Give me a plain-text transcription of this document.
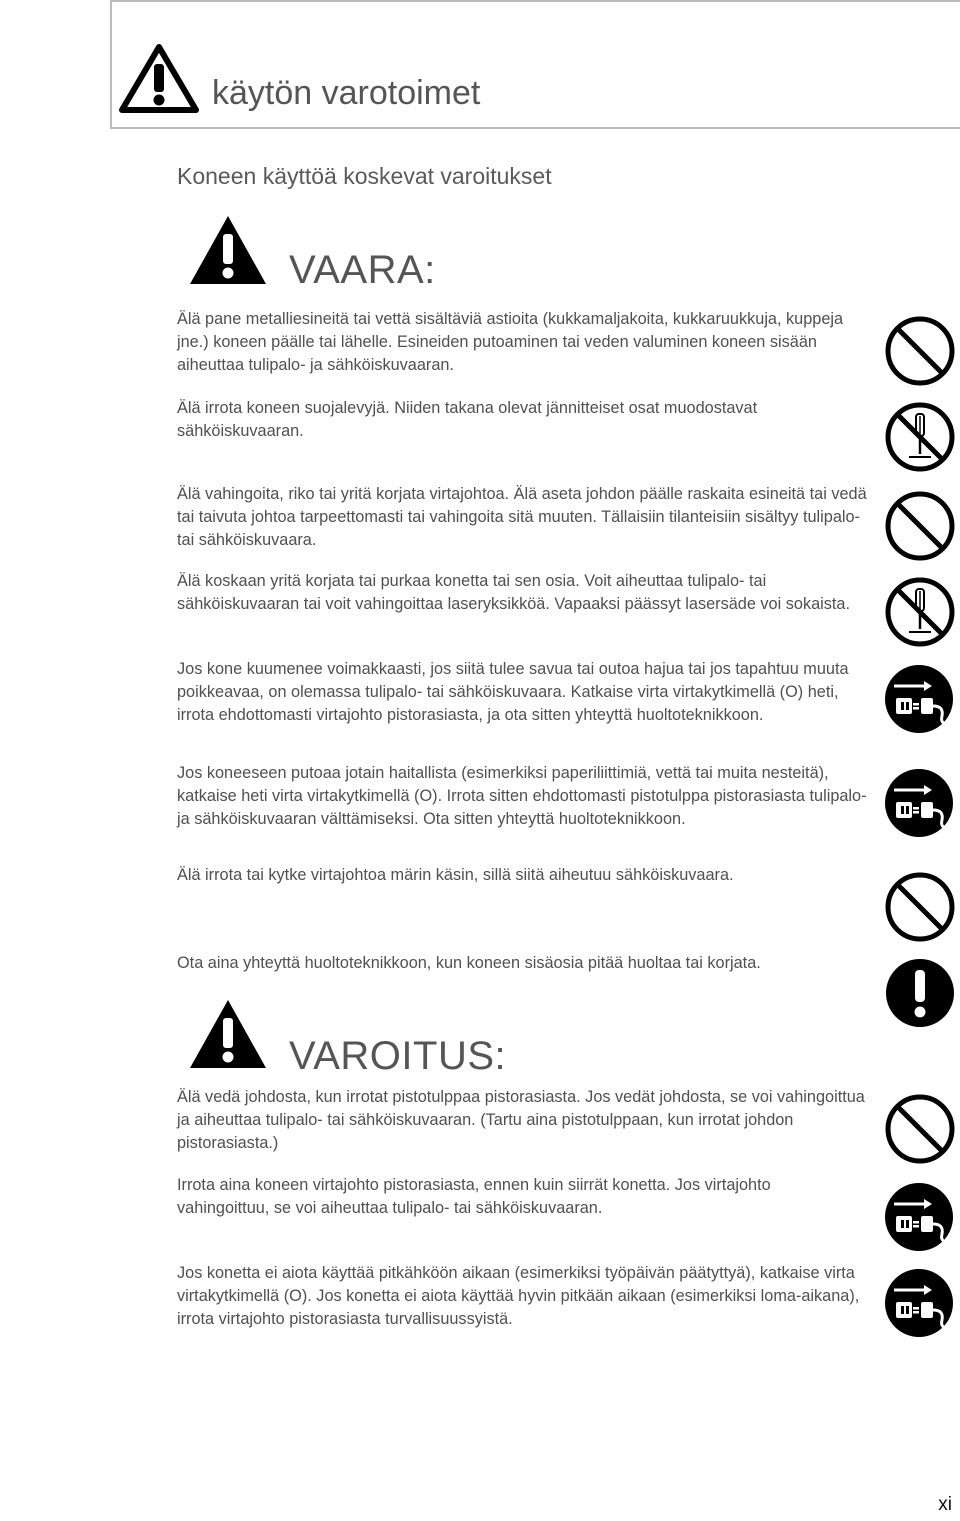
käytön varotoimet
Koneen käyttöä koskevat varoitukset
VAARA:
Älä pane metalliesineitä tai vettä sisältäviä astioita (kukkamaljakoita, kukkaruukkuja, kuppeja jne.) koneen päälle tai lähelle. Esineiden putoaminen tai veden valuminen koneen sisään aiheuttaa tulipalo- ja sähköiskuvaaran.
Älä irrota koneen suojalevyjä. Niiden takana olevat jännitteiset osat muodostavat sähköiskuvaaran.
Älä vahingoita, riko tai yritä korjata virtajohtoa. Älä aseta johdon päälle raskaita esineitä tai vedä tai taivuta johtoa tarpeettomasti tai vahingoita sitä muuten. Tällaisiin tilanteisiin sisältyy tulipalo- tai sähköiskuvaara.
Älä koskaan yritä korjata tai purkaa konetta tai sen osia. Voit aiheuttaa tulipalo- tai sähköiskuvaaran tai voit vahingoittaa laseryksikköä. Vapaaksi päässyt lasersäde voi sokaista.
Jos kone kuumenee voimakkaasti, jos siitä tulee savua tai outoa hajua tai jos tapahtuu muuta poikkeavaa, on olemassa tulipalo- tai sähköiskuvaara. Katkaise virta virtakytkimellä (O) heti, irrota ehdottomasti virtajohto pistorasiasta, ja ota sitten yhteyttä huoltoteknikkoon.
Jos koneeseen putoaa jotain haitallista (esimerkiksi paperiliittimiä, vettä tai muita nesteitä), katkaise heti virta virtakytkimellä (O). Irrota sitten ehdottomasti pistotulppa pistorasiasta tulipalo- ja sähköiskuvaaran välttämiseksi. Ota sitten yhteyttä huoltoteknikkoon.
Älä irrota tai kytke virtajohtoa märin käsin, sillä siitä aiheutuu sähköiskuvaara.
Ota aina yhteyttä huoltoteknikkoon, kun koneen sisäosia pitää huoltaa tai korjata.
VAROITUS:
Älä vedä johdosta, kun irrotat pistotulppaa pistorasiasta. Jos vedät johdosta, se voi vahingoittua ja aiheuttaa tulipalo- tai sähköiskuvaaran. (Tartu aina pistotulppaan, kun irrotat johdon pistorasiasta.)
Irrota aina koneen virtajohto pistorasiasta, ennen kuin siirrät konetta. Jos virtajohto vahingoittuu, se voi aiheuttaa tulipalo- tai sähköiskuvaaran.
Jos konetta ei aiota käyttää pitkähköön aikaan (esimerkiksi työpäivän päätyttyä), katkaise virta virtakytkimellä (O). Jos konetta ei aiota käyttää hyvin pitkään aikaan (esimerkiksi loma-aikana), irrota virtajohto pistorasiasta turvallisuussyistä.
xi
